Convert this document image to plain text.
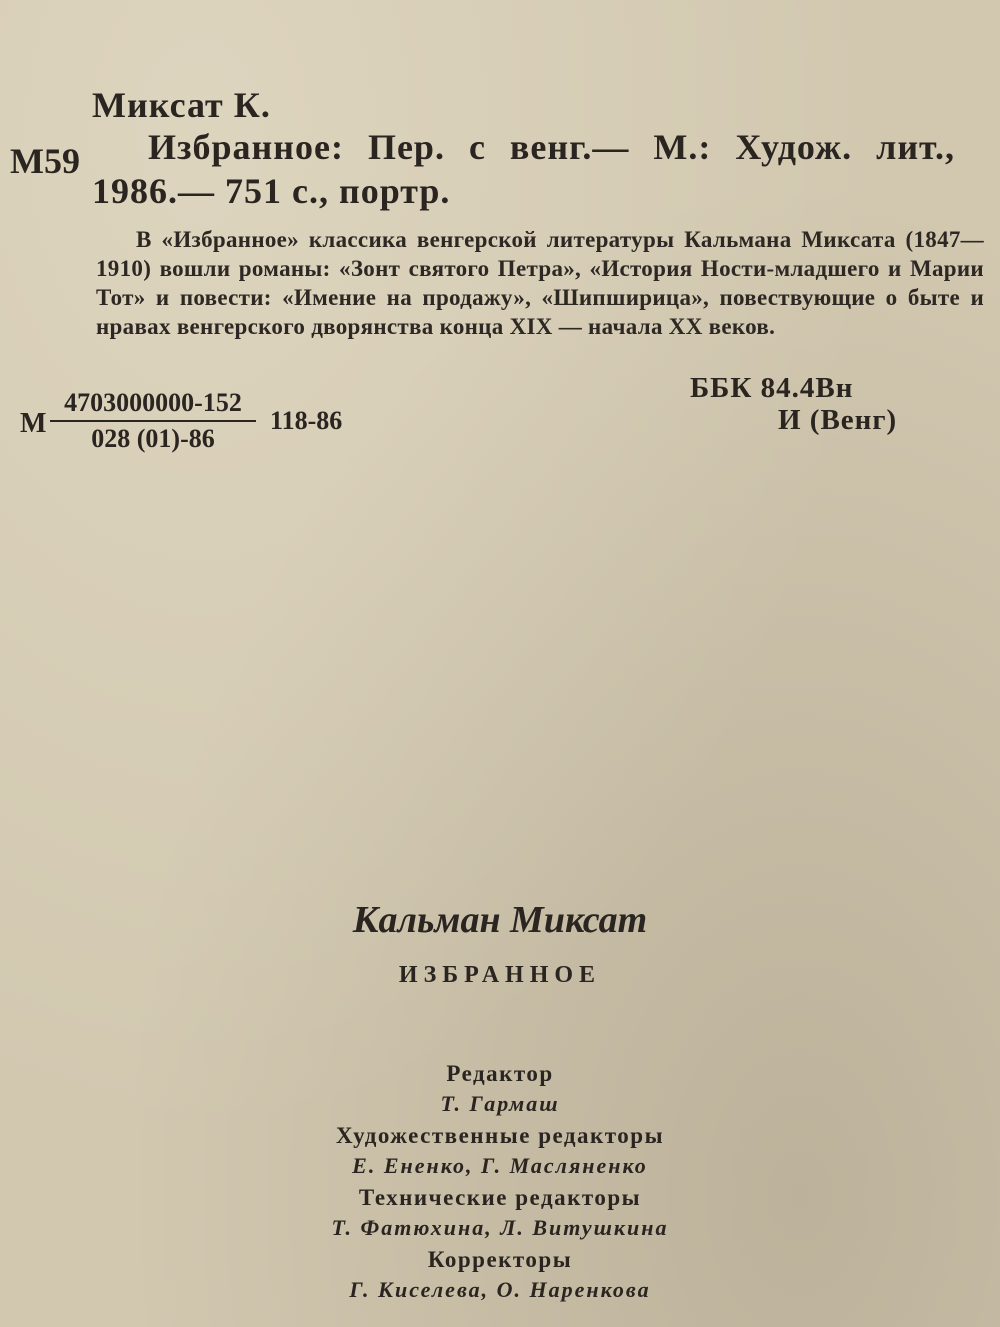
Миксат К.
М59 Избранное: Пер. с венг.— М.: Худож. лит.,
1986.— 751 с., портр.
В «Избранное» классика венгерской литературы Кальмана Миксата (1847—1910) вошли романы: «Зонт святого Петра», «История Ности-младшего и Марии Тот» и повести: «Имение на продажу», «Шипширица», повествующие о быте и нравах венгерского дворянства конца XIX — начала XX веков.
М
4703000000-152
028 (01)-86
118-86
ББК 84.4Вн
И (Венг)
Кальман Миксат
ИЗБРАННОЕ
Редактор
Т. Гармаш
Художественные редакторы
Е. Ененко, Г. Масляненко
Технические редакторы
Т. Фатюхина, Л. Витушкина
Корректоры
Г. Киселева, О. Наренкова
